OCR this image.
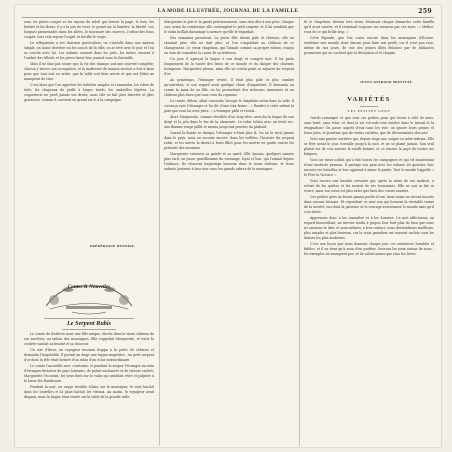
LA MODE ILLUSTRÉE, JOURNAL DE LA FAMILLE	259

sous les pluies rouges et les rayons du soleil qui dorent la page, le bois, les herbes et les fleurs, il y a la joie de vivre, le grand air, la lumière, la liberté. Les longues promenades dans les allées, le murmure des sources, l'odeur des foins coupés, tout cela repose l'esprit et fortifie le corps.

La villégiature a ses charmes particuliers; on s'installe dans une maison simple, on laisse derrière soi les soucis de la ville, on se lève avec le jour et l'on se couche avec lui. Les enfants courent dans les prés, les mères cousent à l'ombre des tilleuls et les pères lisent leur journal sous la charmille.

Mais il ne faut pas croire que la vie des champs soit une oisiveté complète; chacun y trouve son occupation, et la maîtresse de maison surtout a fort à faire pour que tout soit en ordre, que la table soit bien servie et que ses hôtes ne manquent de rien.

C'est alors que l'on apprécie les toilettes simples et commodes, les robes de toile, les chapeaux de paille à larges bords, les ombrelles légères. La coquetterie ne perd jamais ses droits, mais elle se fait plus discrète et plus gracieuse, comme il convient au grand air et à la campagne.

FRÉDÉRIQUE DENOISE.
Contes & Nouvelles
Le Serpent Rubis

Le comte de Ruthven avait une fille unique, élevée dans le vieux château de ses ancêtres, au milieu des montagnes. Elle s'appelait Marguerite, et toute la contrée vantait sa beauté et sa douceur.

Un soir d'hiver, un voyageur inconnu frappa à la porte du château et demanda l'hospitalité. Il portait au doigt une bague singulière : un petit serpent d'or dont la tête était formée d'un rubis d'un éclat extraordinaire.

Le comte l'accueillit avec courtoisie, et pendant le souper l'étranger raconta d'étranges histoires de pays lointains, de palais enchantés et de trésors cachés. Marguerite l'écoutait, les yeux fixés sur le rubis qui semblait vivre et palpiter à la lueur des flambeaux.

Pendant la nuit, un orage terrible éclata sur la montagne; le vent hurlait dans les tourelles et la pluie battait les vitraux. Au matin, le voyageur avait disparu, mais la bague était restée sur la table de la grande salle.

Marguerite la prit et la garda précieusement, sans rien dire à son père. Chaque soir, avant de s'endormir, elle contemplait le petit serpent, et il lui semblait que le rubis brillait davantage à mesure qu'elle le regardait.

Des semaines passèrent. La jeune fille devint pâle et rêveuse; elle ne chantait plus, elle ne riait plus, et l'on s'inquiétait au château de ce changement. Le vieux chapelain, qui l'aimait comme sa propre enfant, essaya en vain de connaître la cause de sa tristesse.

Un jour, il aperçut la bague à son doigt et comprit tout. Il lui parla longuement de la vanité des biens de ce monde et du danger des charmes trompeurs. Marguerite pleura, mais elle ne voulut point se séparer du serpent d'or.

Au printemps, l'étranger revint. Il était plus pâle et plus sombre qu'autrefois, et son regard avait quelque chose d'inquiétant. Il demanda au comte la main de sa fille, en lui promettant des richesses immenses et un château plus beau que tous ceux du royaume.

Le comte, ébloui, allait consentir, lorsque le chapelain entra dans la salle. Il s'avança vers l'étranger et lui dit d'une voix ferme : « Rendez à cette enfant la paix que vous lui avez prise. » L'étranger pâlit et recula.

Alors Marguerite, comme réveillée d'un long rêve, arracha la bague de son doigt et la jeta dans le feu de la cheminée. Le rubis éclata avec un bruit sec, une flamme rouge jaillit et monta jusqu'aux poutres du plafond.

Quand la fumée se dissipa, l'étranger n'était plus là. On ne le revit jamais dans le pays; mais on raconte encore, dans les veillées, l'histoire du serpent rubis, et les mères la disent à leurs filles pour les mettre en garde contre les présents des inconnus.

Marguerite retrouva sa gaieté et sa santé. Elle épousa, quelques années plus tard, un jeune gentilhomme du voisinage, loyal et bon, qui l'aimait depuis l'enfance. Ils vécurent longtemps heureux dans le vieux château, et leurs enfants jouèrent à leur tour sous les grands arbres de la montagne.

Et le chapelain, devenu très vieux, bénissait chaque dimanche cette famille qu'il avait sauvée, et il terminait toujours ses sermons par ces mots : « Méfiez-vous de ce qui brille trop. »

Cette légende, que l'on conte encore dans les montagnes d'Écosse, renferme une morale dont chacun peut faire son profit; car il n'est pas rare, même de nos jours, de voir des jeunes filles éblouies par de brillantes promesses qui ne cachent que la déception et le chagrin.

JULES-GUIRAUD MONTVAL.
VARIÉTÉS
LES PETITES GENS

Ont-ils remarqué ce que sont ces petites gens qui vivent à côté de nous, sans bruit, sans éclat, et dont la vie s'écoule tout entière dans le travail et la résignation? On passe auprès d'eux sans les voir; on ignore leurs peines et leurs joies, et pourtant que de vertus cachées, que de dévouements obscurs!

Voici une pauvre ouvrière qui, depuis vingt ans, soigne sa mère infirme. Elle se lève avant le jour, travaille jusqu'à la nuit, et ne se plaint jamais. Son seul plaisir est de voir sourire la vieille femme, et ce sourire la paye de toutes ses fatigues.

Voici un vieux soldat qui a fait toutes les campagnes et qui vit maintenant d'une modeste pension. Il partage son pain avec les enfants du quartier, leur raconte ses batailles et leur apprend à aimer la patrie. Tout le monde l'appelle « le Père la Victoire ».

Voici encore une humble servante qui, après la ruine de ses maîtres, a refusé de les quitter et les nourrit de ses économies. Elle ne sait ni lire ni écrire, mais son cœur est plus riche que bien des cœurs savants.

Ces petites gens ne feront jamais parler d'eux; leurs noms ne seront inscrits dans aucune histoire. Et cependant ce sont eux qui forment la véritable trame de la société, eux dont la patience et le courage soutiennent le monde sans qu'il s'en doute.

Apprenons donc à les connaître et à les honorer. Un mot affectueux, un regard bienveillant, un service rendu à propos leur font plus de bien que nous ne saurions le dire; et nous-mêmes, à leur contact, nous deviendrions meilleurs, plus simples et plus heureux, car la vraie grandeur est souvent cachée sous les dehors les plus modestes.

C'est une leçon que nous donnent chaque jour ces existences humbles et fidèles, et il ne tient qu'à nous d'en profiter. Ouvrons les yeux autour de nous : les exemples ne manquent pas, et ils valent mieux que tous les livres.
